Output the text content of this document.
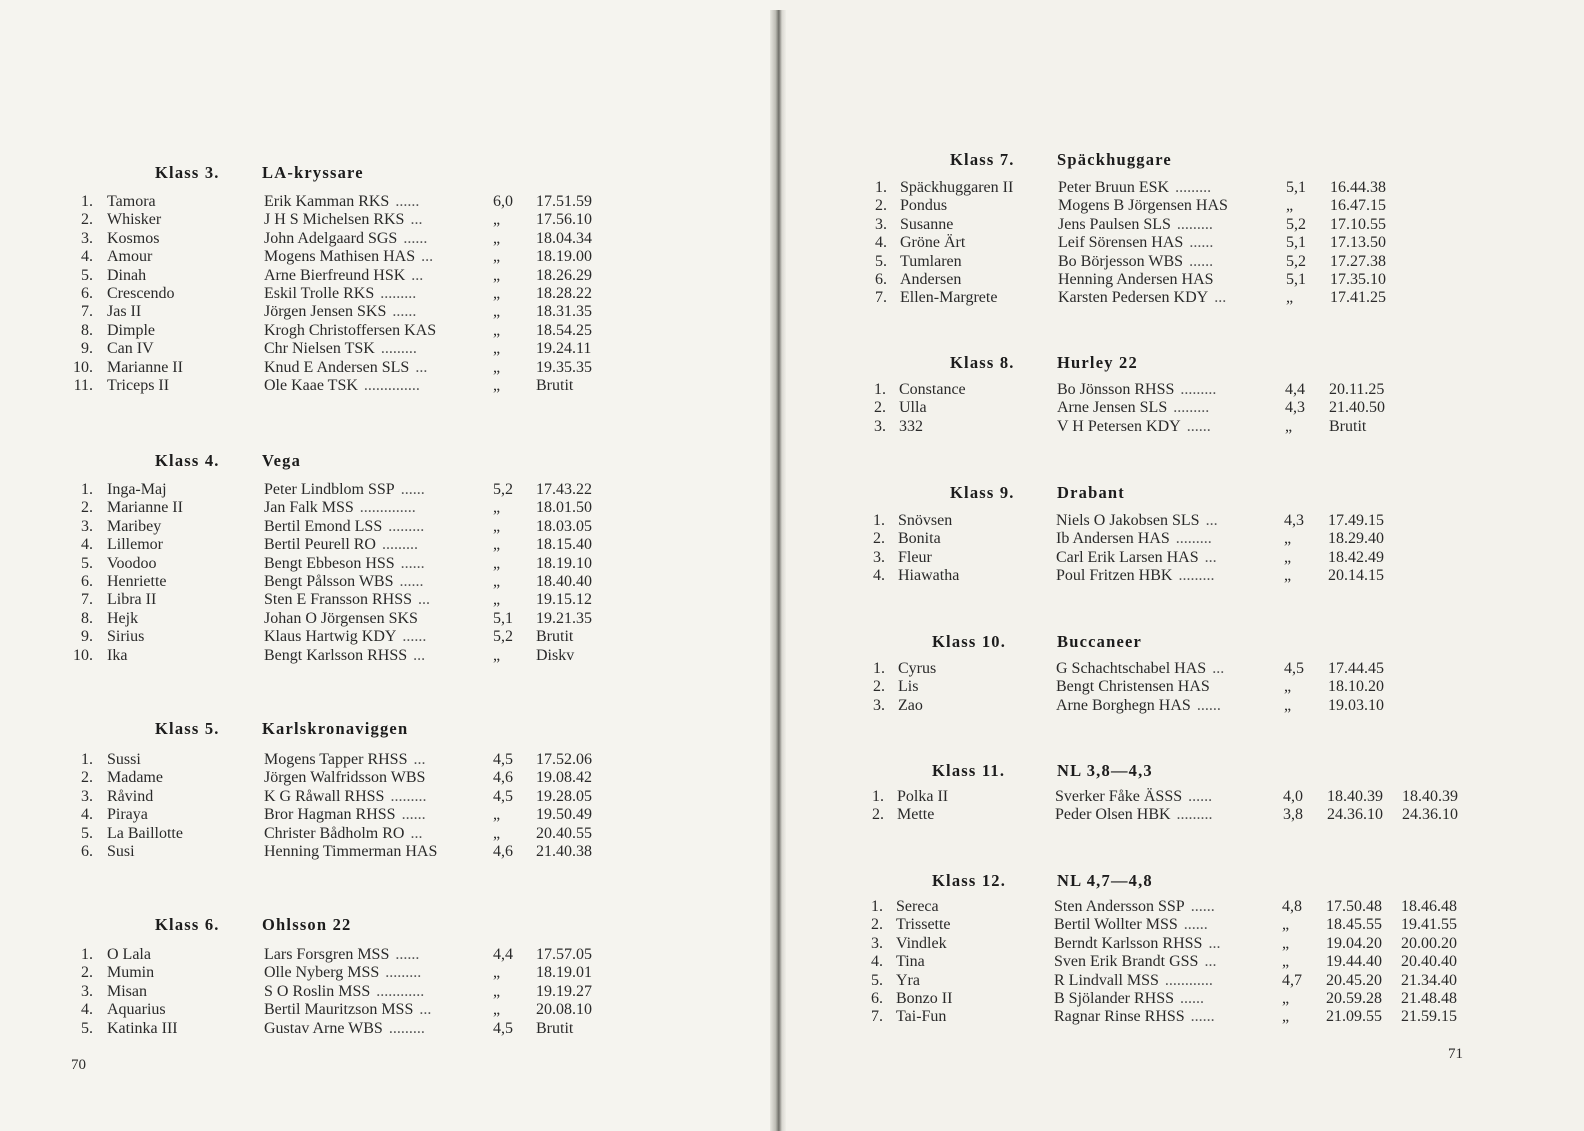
Klass 3.	LA-kryssare
1. Tamora	Erik Kamman RKS ......	6,0 17.51.59
2. Whisker	J H S Michelsen RKS ...	„ 17.56.10
3. Kosmos	John Adelgaard SGS ......	„ 18.04.34
4. Amour	Mogens Mathisen HAS ...	„ 18.19.00
5. Dinah	Arne Bierfreund HSK ...	„ 18.26.29
6. Crescendo	Eskil Trolle RKS .........	„ 18.28.22
7. Jas II	Jörgen Jensen SKS ......	„ 18.31.35
8. Dimple	Krogh Christoffersen KAS	„ 18.54.25
9. Can IV	Chr Nielsen TSK .........	„ 19.24.11
10. Marianne II	Knud E Andersen SLS ...	„ 19.35.35
11. Triceps II	Ole Kaae TSK ..............	„ Brutit
Klass 4.	Vega
1. Inga-Maj	Peter Lindblom SSP ......	5,2 17.43.22
2. Marianne II	Jan Falk MSS ..............	„ 18.01.50
3. Maribey	Bertil Emond LSS .........	„ 18.03.05
4. Lillemor	Bertil Peurell RO .........	„ 18.15.40
5. Voodoo	Bengt Ebbeson HSS ......	„ 18.19.10
6. Henriette	Bengt Pålsson WBS ......	„ 18.40.40
7. Libra II	Sten E Fransson RHSS ...	„ 19.15.12
8. Hejk	Johan O Jörgensen SKS	5,1 19.21.35
9. Sirius	Klaus Hartwig KDY ......	5,2 Brutit
10. Ika	Bengt Karlsson RHSS ...	„ Diskv
Klass 5.	Karlskronaviggen
1. Sussi	Mogens Tapper RHSS ...	4,5 17.52.06
2. Madame	Jörgen Walfridsson WBS	4,6 19.08.42
3. Råvind	K G Råwall RHSS .........	4,5 19.28.05
4. Piraya	Bror Hagman RHSS ......	„ 19.50.49
5. La Baillotte	Christer Bådholm RO ...	„ 20.40.55
6. Susi	Henning Timmerman HAS	4,6 21.40.38
Klass 6.	Ohlsson 22
1. O Lala	Lars Forsgren MSS ......	4,4 17.57.05
2. Mumin	Olle Nyberg MSS .........	„ 18.19.01
3. Misan	S O Roslin MSS ............	„ 19.19.27
4. Aquarius	Bertil Mauritzson MSS ...	„ 20.08.10
5. Katinka III	Gustav Arne WBS .........	4,5 Brutit
Klass 7.	Späckhuggare
1. Späckhuggaren II	Peter Bruun ESK .........	5,1 16.44.38
2. Pondus	Mogens B Jörgensen HAS	„ 16.47.15
3. Susanne	Jens Paulsen SLS .........	5,2 17.10.55
4. Gröne Ärt	Leif Sörensen HAS ......	5,1 17.13.50
5. Tumlaren	Bo Börjesson WBS ......	5,2 17.27.38
6. Andersen	Henning Andersen HAS	5,1 17.35.10
7. Ellen-Margrete	Karsten Pedersen KDY ...	„ 17.41.25
Klass 8.	Hurley 22
1. Constance	Bo Jönsson RHSS .........	4,4 20.11.25
2. Ulla	Arne Jensen SLS .........	4,3 21.40.50
3. 332	V H Petersen KDY ......	„ Brutit
Klass 9.	Drabant
1. Snövsen	Niels O Jakobsen SLS ...	4,3 17.49.15
2. Bonita	Ib Andersen HAS .........	„ 18.29.40
3. Fleur	Carl Erik Larsen HAS ...	„ 18.42.49
4. Hiawatha	Poul Fritzen HBK .........	„ 20.14.15
Klass 10.	Buccaneer
1. Cyrus	G Schachtschabel HAS ...	4,5 17.44.45
2. Lis	Bengt Christensen HAS	„ 18.10.20
3. Zao	Arne Borghegn HAS ......	„ 19.03.10
Klass 11.	NL 3,8—4,3
1. Polka II	Sverker Fåke ÄSSS ......	4,0 18.40.39 18.40.39
2. Mette	Peder Olsen HBK .........	3,8 24.36.10 24.36.10
Klass 12.	NL 4,7—4,8
1. Sereca	Sten Andersson SSP ......	4,8 17.50.48 18.46.48
2. Trissette	Bertil Wollter MSS ......	„ 18.45.55 19.41.55
3. Vindlek	Berndt Karlsson RHSS ...	„ 19.04.20 20.00.20
4. Tina	Sven Erik Brandt GSS ...	„ 19.44.40 20.40.40
5. Yra	R Lindvall MSS ............	4,7 20.45.20 21.34.40
6. Bonzo II	B Sjölander RHSS ......	„ 20.59.28 21.48.48
7. Tai-Fun	Ragnar Rinse RHSS ......	„ 21.09.55 21.59.15
70
71
